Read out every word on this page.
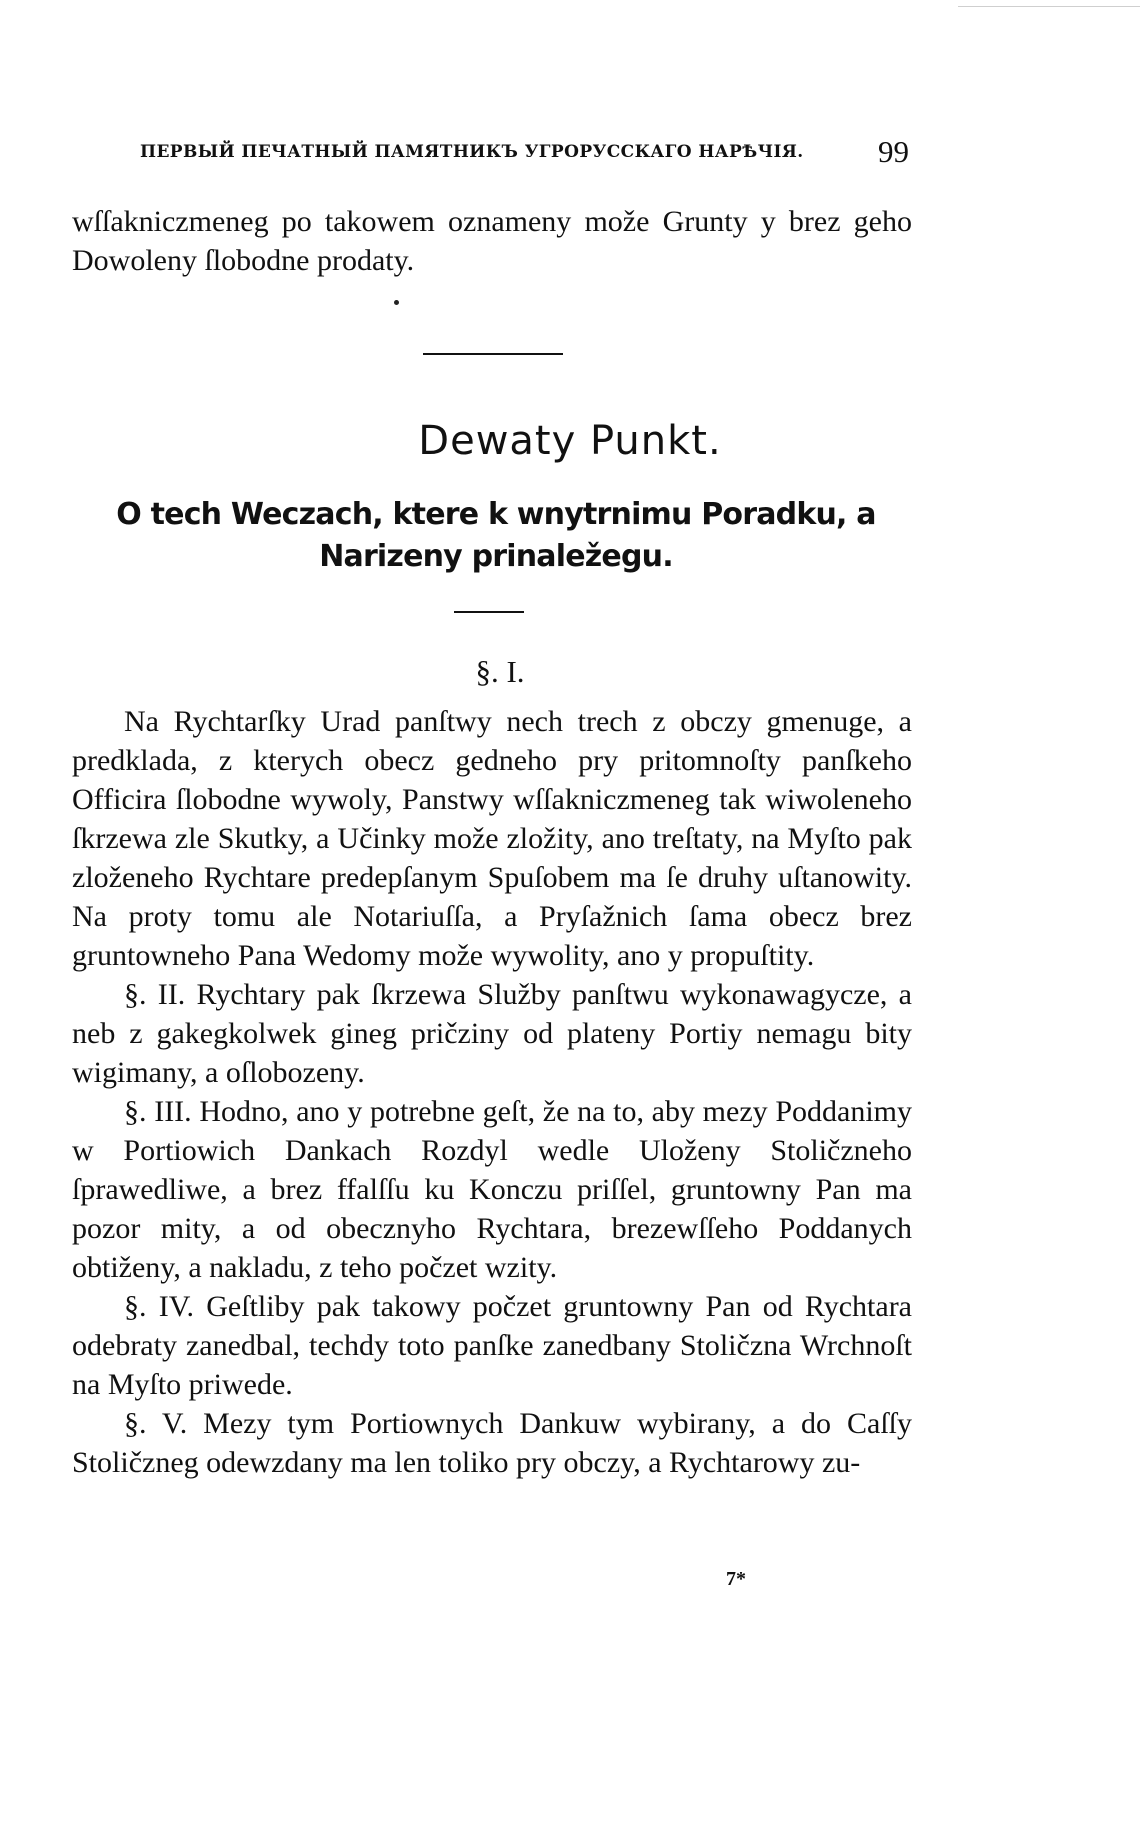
ПЕРВЫЙ ПЕЧАТНЫЙ ПАМЯТНИКЪ УГРОРУССКАГО НАРѢЧІЯ. 99

wſſakniczmeneg po takowem oznameny može Grunty y brez geho Dowoleny ſlobodne prodaty.

Dewaty Punkt.
O tech Weczach, ktere k wnytrnimu Poradku, a Narizeny prinaležegu.
§. I.

Na Rychtarſky Urad panſtwy nech trech z obczy gmenuge, a predklada, z kterych obecz gedneho pry pritomnoſty panſkeho Officira ſlobodne wywoly, Panstwy wſſakniczmeneg tak wiwoleneho ſkrzewa zle Skutky, a Učinky može zložity, ano treſtaty, na Myſto pak zloženeho Rychtare predepſanym Spuſobem ma ſe druhy uſtanowity. Na proty tomu ale Notariuſſa, a Pryſažnich ſama obecz brez gruntowneho Pana Wedomy može wywolity, ano y propuſtity.

§. II. Rychtary pak ſkrzewa Služby panſtwu wykonawagycze, a neb z gakegkolwek gineg pričziny od plateny Portiy nemagu bity wigimany, a oſlobozeny.

§. III. Hodno, ano y potrebne geſt, že na to, aby mezy Poddanimy w Portiowich Dankach Rozdyl wedle Uloženy Stoličzneho ſprawedliwe, a brez ffalſſu ku Konczu priſſel, gruntowny Pan ma pozor mity, a od obecznyho Rychtara, brezewſſeho Poddanych obtiženy, a nakladu, z teho počzet wzity.

§. IV. Geſtliby pak takowy počzet gruntowny Pan od Rychtara odebraty zanedbal, techdy toto panſke zanedbany Stoličzna Wrchnoſt na Myſto priwede.

§. V. Mezy tym Portiownych Dankuw wybirany, a do Caſſy Stoličzneg odewzdany ma len toliko pry obczy, a Rychtarowy zu-

7*
